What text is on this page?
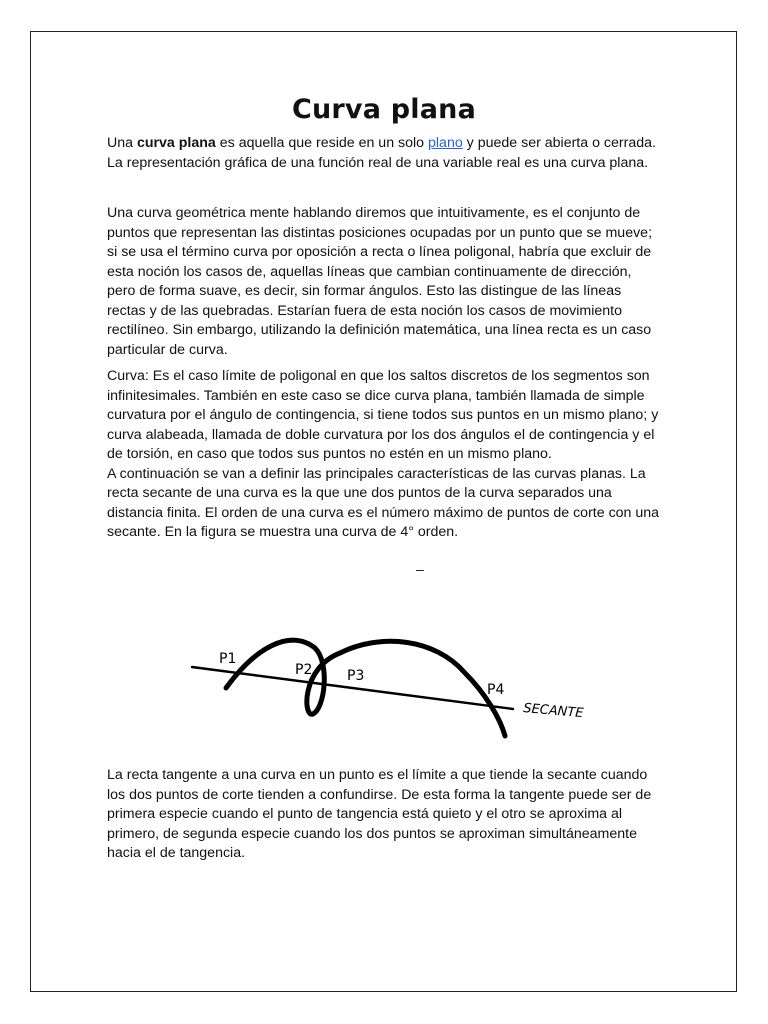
Curva plana

Una curva plana es aquella que reside en un solo plano y puede ser abierta o cerrada. La representación gráfica de una función real de una variable real es una curva plana.

Una curva geométrica mente hablando diremos que intuitivamente, es el conjunto de puntos que representan las distintas posiciones ocupadas por un punto que se mueve; si se usa el término curva por oposición a recta o línea poligonal, habría que excluir de esta noción los casos de, aquellas líneas que cambian continuamente de dirección, pero de forma suave, es decir, sin formar ángulos. Esto las distingue de las líneas rectas y de las quebradas. Estarían fuera de esta noción los casos de movimiento rectilíneo. Sin embargo, utilizando la definición matemática, una línea recta es un caso particular de curva.

Curva: Es el caso límite de poligonal en que los saltos discretos de los segmentos son infinitesimales. También en este caso se dice curva plana, también llamada de simple curvatura por el ángulo de contingencia, si tiene todos sus puntos en un mismo plano; y curva alabeada, llamada de doble curvatura por los dos ángulos el de contingencia y el de torsión, en caso que todos sus puntos no estén en un mismo plano.
A continuación se van a definir las principales características de las curvas planas. La recta secante de una curva es la que une dos puntos de la curva separados una distancia finita. El orden de una curva es el número máximo de puntos de corte con una secante. En la figura se muestra una curva de 4° orden.

–
P1
P2 P3
P4
SECANTE

La recta tangente a una curva en un punto es el límite a que tiende la secante cuando los dos puntos de corte tienden a confundirse. De esta forma la tangente puede ser de primera especie cuando el punto de tangencia está quieto y el otro se aproxima al primero, de segunda especie cuando los dos puntos se aproximan simultáneamente hacia el de tangencia.
